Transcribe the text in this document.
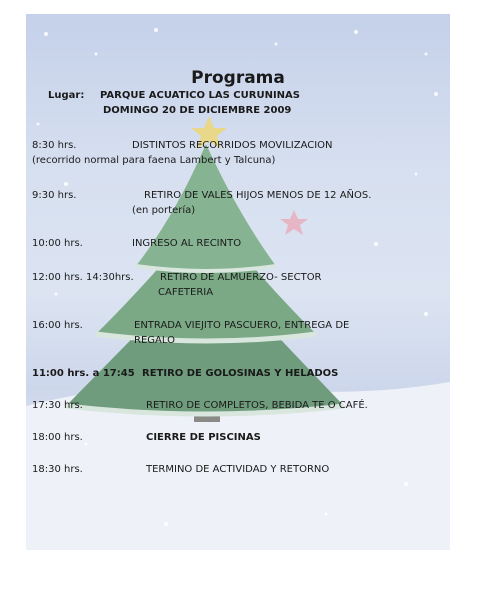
Programa
Lugar: PARQUE ACUATICO LAS CURUNINAS
DOMINGO 20 DE DICIEMBRE 2009
8:30 hrs.	DISTINTOS RECORRIDOS MOVILIZACION
(recorrido normal para faena Lambert y Talcuna)
9:30 hrs.	RETIRO DE VALES HIJOS MENOS DE 12 AÑOS.
(en portería)
10:00 hrs.	INGRESO AL RECINTO
12:00 hrs. 14:30hrs.	RETIRO DE ALMUERZO- SECTOR
CAFETERIA
16:00 hrs.	ENTRADA VIEJITO PASCUERO, ENTREGA DE
REGALO
11:00 hrs. a 17:45 RETIRO DE GOLOSINAS Y HELADOS
17:30 hrs.	RETIRO DE COMPLETOS, BEBIDA TE O CAFÉ.
18:00 hrs.	CIERRE DE PISCINAS
18:30 hrs.	TERMINO DE ACTIVIDAD Y RETORNO
